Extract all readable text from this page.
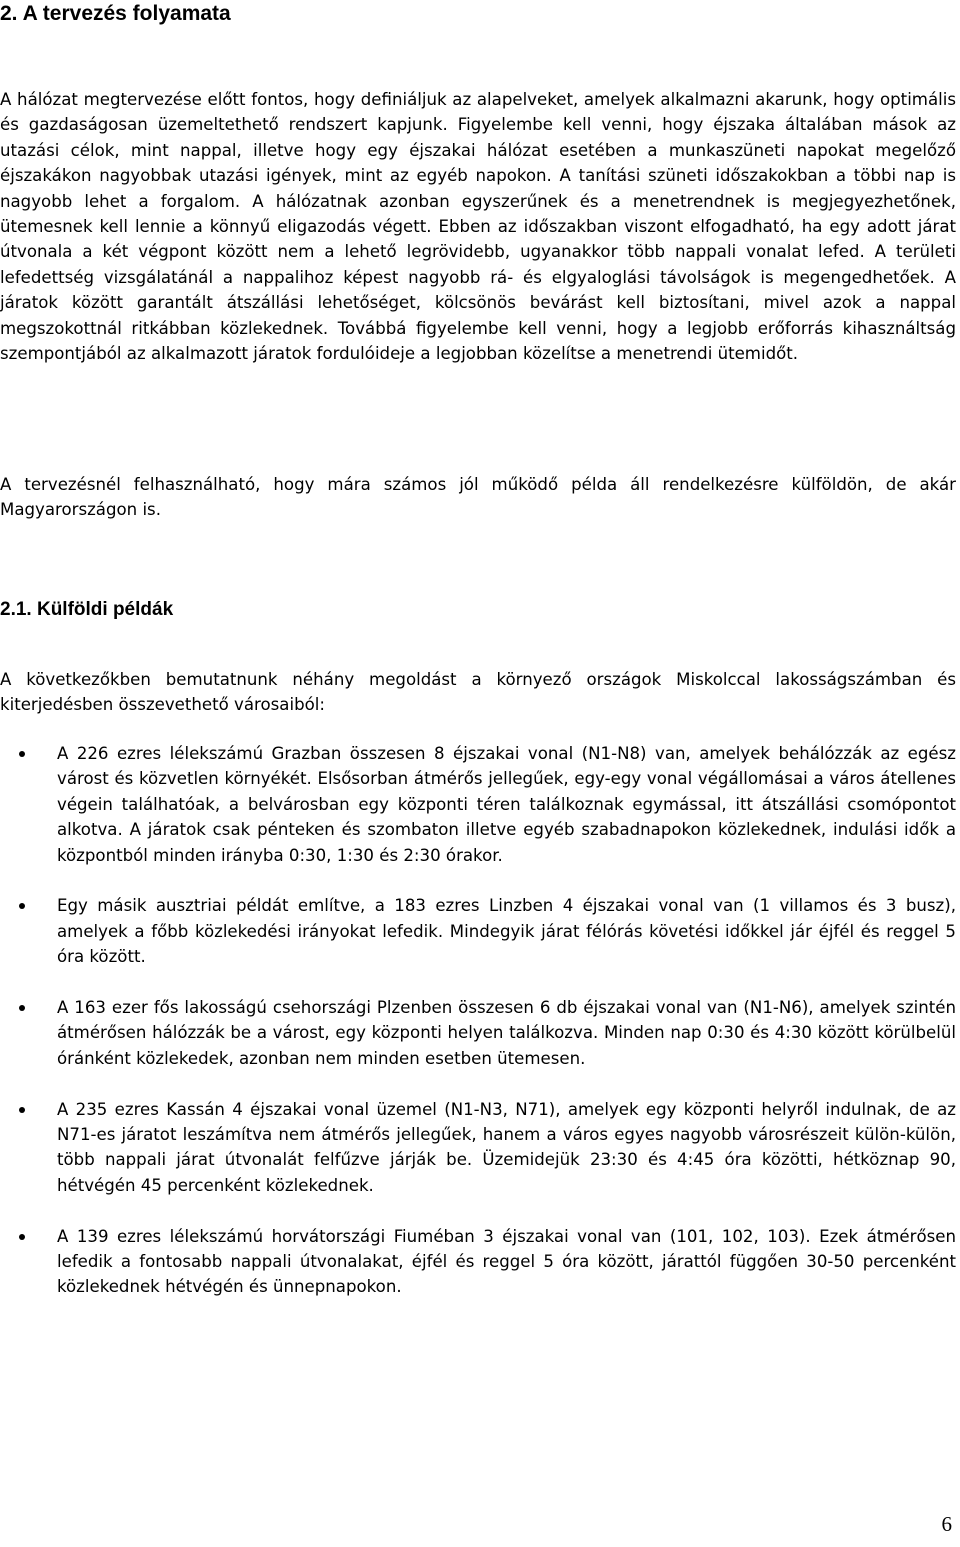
2. A tervezés folyamata

A hálózat megtervezése előtt fontos, hogy definiáljuk az alapelveket, amelyek alkalmazni akarunk, hogy optimális és gazdaságosan üzemeltethető rendszert kapjunk. Figyelembe kell venni, hogy éjszaka általában mások az utazási célok, mint nappal, illetve hogy egy éjszakai hálózat esetében a munkaszüneti napokat megelőző éjszakákon nagyobbak utazási igények, mint az egyéb napokon. A tanítási szüneti időszakokban a többi nap is nagyobb lehet a forgalom. A hálózatnak azonban egyszerűnek és a menetrendnek is megjegyezhetőnek, ütemesnek kell lennie a könnyű eligazodás végett. Ebben az időszakban viszont elfogadható, ha egy adott járat útvonala a két végpont között nem a lehető legrövidebb, ugyanakkor több nappali vonalat lefed. A területi lefedettség vizsgálatánál a nappalihoz képest nagyobb rá- és elgyaloglási távolságok is megengedhetőek. A járatok között garantált átszállási lehetőséget, kölcsönös bevárást kell biztosítani, mivel azok a nappal megszokottnál ritkábban közlekednek. Továbbá figyelembe kell venni, hogy a legjobb erőforrás kihasználtság szempontjából az alkalmazott járatok fordulóideje a legjobban közelítse a menetrendi ütemidőt.

A tervezésnél felhasználható, hogy mára számos jól működő példa áll rendelkezésre külföldön, de akár Magyarországon is.

2.1. Külföldi példák

A következőkben bemutatnunk néhány megoldást a környező országok Miskolccal lakosságszámban és kiterjedésben összevethető városaiból:

A 226 ezres lélekszámú Grazban összesen 8 éjszakai vonal (N1-N8) van, amelyek behálózzák az egész várost és közvetlen környékét. Elsősorban átmérős jellegűek, egy-egy vonal végállomásai a város átellenes végein találhatóak, a belvárosban egy központi téren találkoznak egymással, itt átszállási csomópontot alkotva. A járatok csak pénteken és szombaton illetve egyéb szabadnapokon közlekednek, indulási idők a központból minden irányba 0:30, 1:30 és 2:30 órakor.
Egy másik ausztriai példát említve, a 183 ezres Linzben 4 éjszakai vonal van (1 villamos és 3 busz), amelyek a főbb közlekedési irányokat lefedik. Mindegyik járat félórás követési időkkel jár éjfél és reggel 5 óra között.
A 163 ezer fős lakosságú csehországi Plzenben összesen 6 db éjszakai vonal van (N1-N6), amelyek szintén átmérősen hálózzák be a várost, egy központi helyen találkozva. Minden nap 0:30 és 4:30 között körülbelül óránként közlekedek, azonban nem minden esetben ütemesen.
A 235 ezres Kassán 4 éjszakai vonal üzemel (N1-N3, N71), amelyek egy központi helyről indulnak, de az N71-es járatot leszámítva nem átmérős jellegűek, hanem a város egyes nagyobb városrészeit külön-külön, több nappali járat útvonalát felfűzve járják be. Üzemidejük 23:30 és 4:45 óra közötti, hétköznap 90, hétvégén 45 percenként közlekednek.
A 139 ezres lélekszámú horvátországi Fiuméban 3 éjszakai vonal van (101, 102, 103). Ezek átmérősen lefedik a fontosabb nappali útvonalakat, éjfél és reggel 5 óra között, járattól függően 30-50 percenként közlekednek hétvégén és ünnepnapokon.
6
